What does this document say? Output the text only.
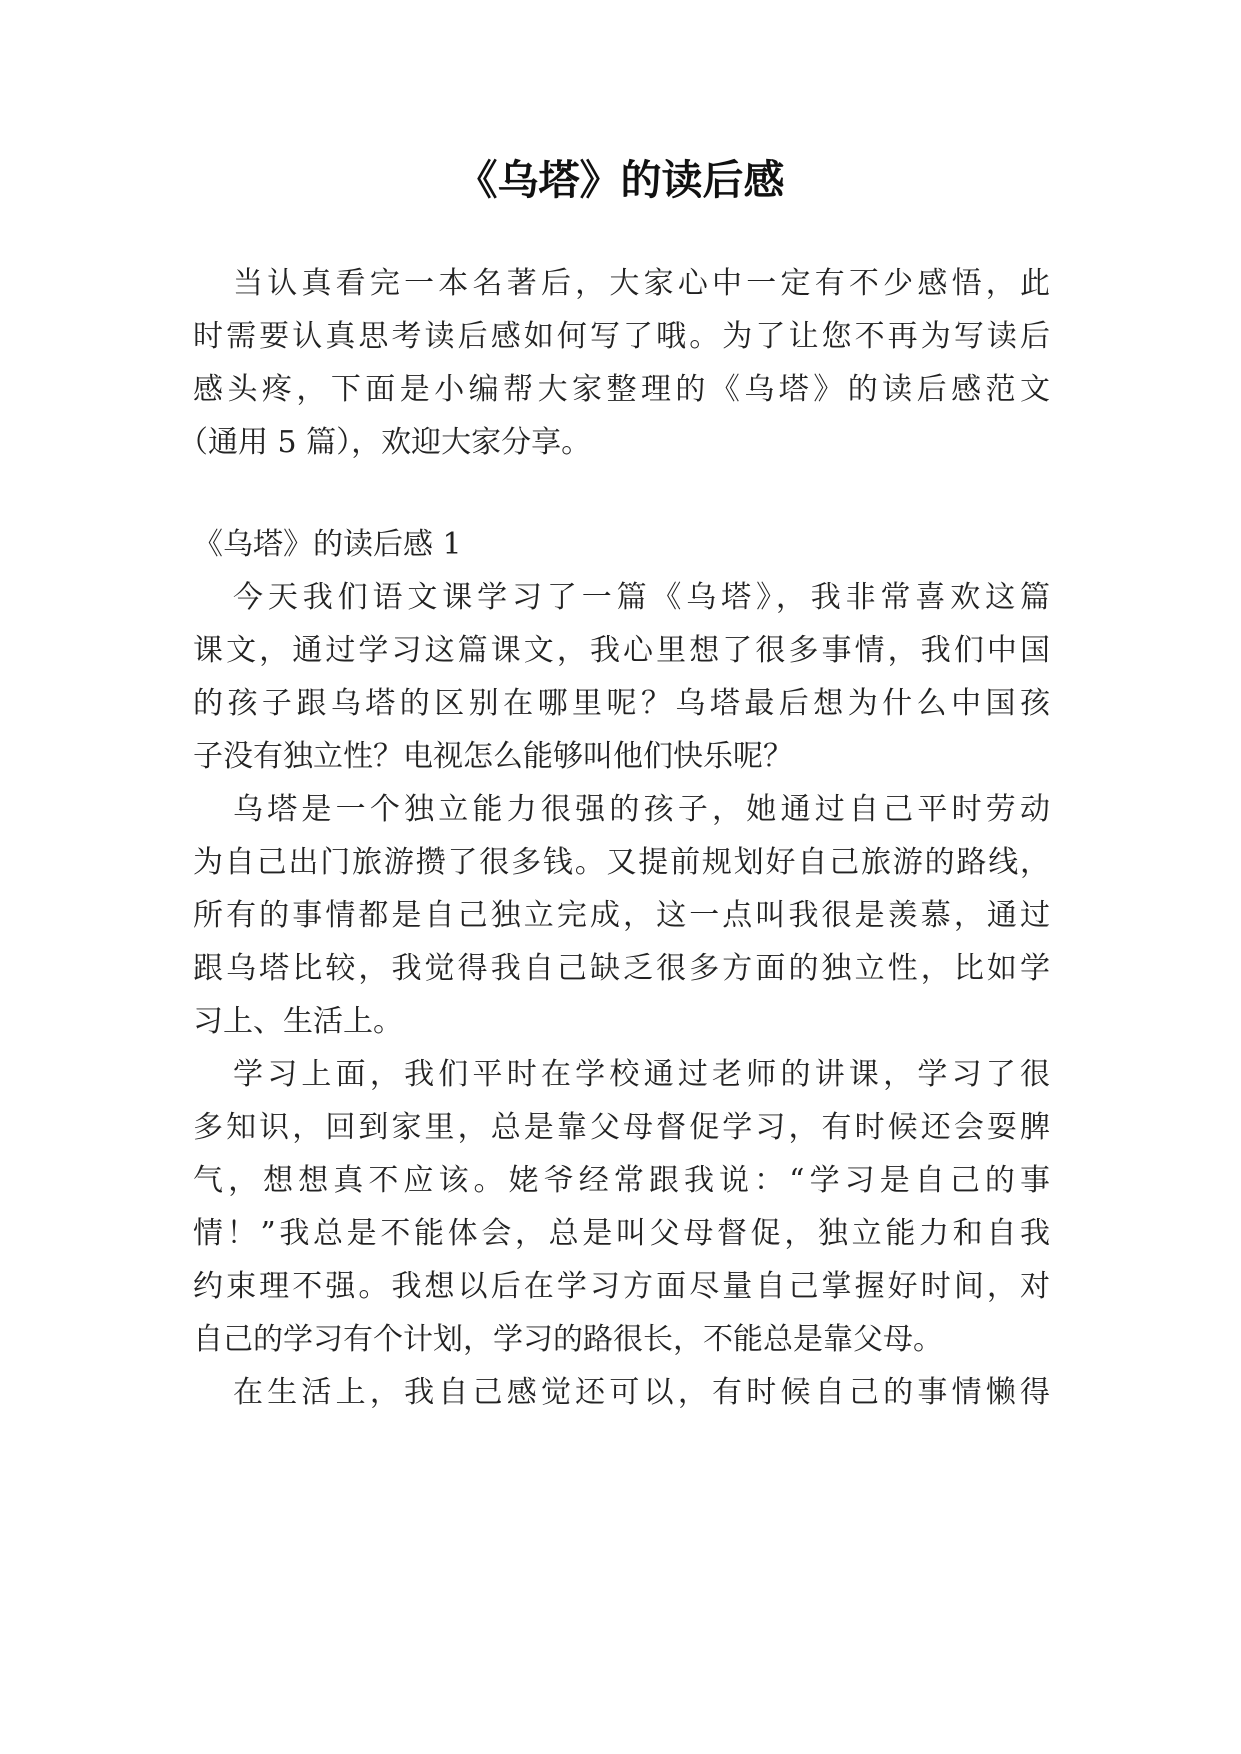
《乌塔》的读后感

当认真看完一本名著后，大家心中一定有不少感悟，此

时需要认真思考读后感如何写了哦。为了让您不再为写读后

感头疼，下面是小编帮大家整理的《乌塔》的读后感范文

（通用 5 篇），欢迎大家分享。

《乌塔》的读后感 1

今天我们语文课学习了一篇《乌塔》，我非常喜欢这篇

课文，通过学习这篇课文，我心里想了很多事情，我们中国

的孩子跟乌塔的区别在哪里呢？乌塔最后想为什么中国孩

子没有独立性？电视怎么能够叫他们快乐呢？

乌塔是一个独立能力很强的孩子，她通过自己平时劳动

为自己出门旅游攒了很多钱。又提前规划好自己旅游的路线，

所有的事情都是自己独立完成，这一点叫我很是羡慕，通过

跟乌塔比较，我觉得我自己缺乏很多方面的独立性，比如学

习上、生活上。

学习上面，我们平时在学校通过老师的讲课，学习了很

多知识，回到家里，总是靠父母督促学习，有时候还会耍脾

气，想想真不应该。姥爷经常跟我说：“学习是自己的事

情！”我总是不能体会，总是叫父母督促，独立能力和自我

约束理不强。我想以后在学习方面尽量自己掌握好时间，对

自己的学习有个计划，学习的路很长，不能总是靠父母。

在生活上，我自己感觉还可以，有时候自己的事情懒得
